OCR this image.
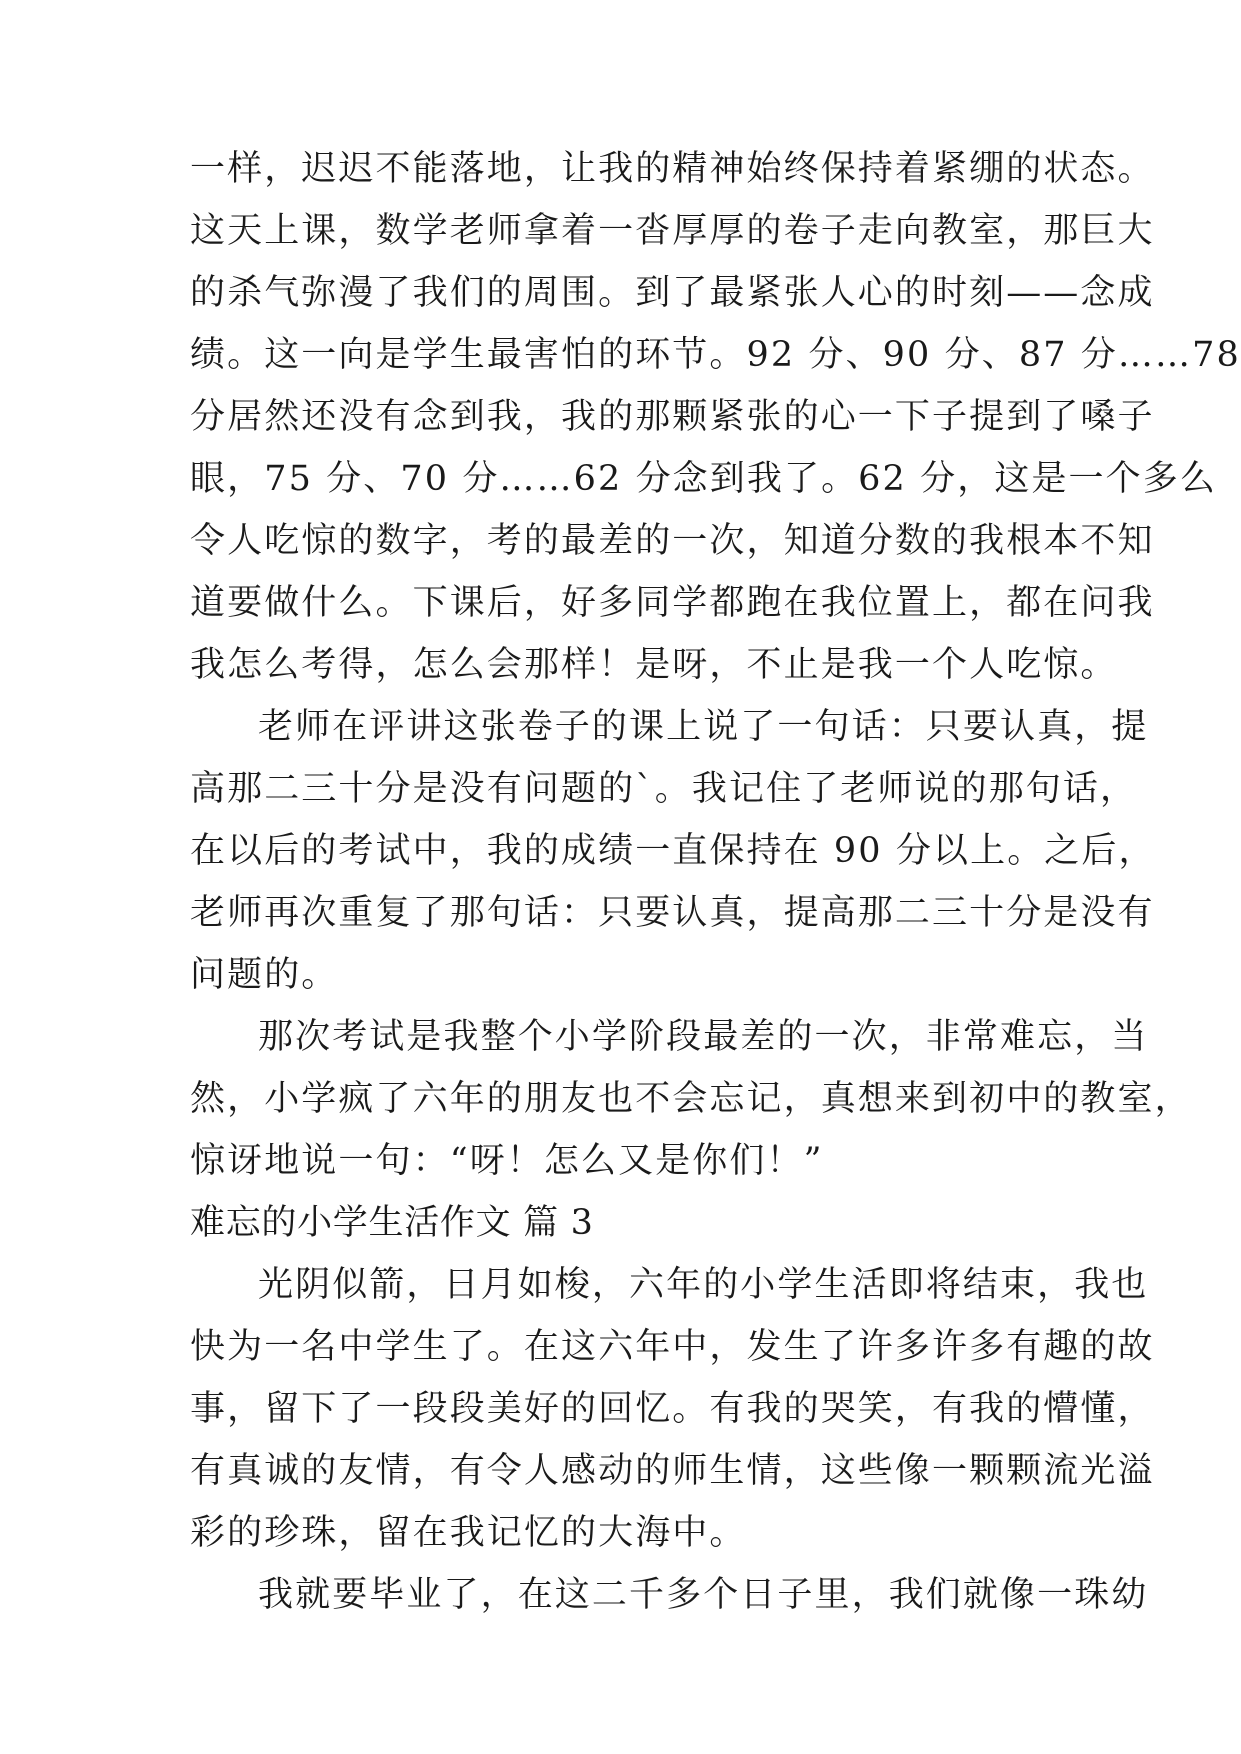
一样，迟迟不能落地，让我的精神始终保持着紧绷的状态。
这天上课，数学老师拿着一沓厚厚的卷子走向教室，那巨大
的杀气弥漫了我们的周围。到了最紧张人心的时刻——念成
绩。这一向是学生最害怕的环节。92 分、90 分、87 分……78
分居然还没有念到我，我的那颗紧张的心一下子提到了嗓子
眼，75 分、70 分……62 分念到我了。62 分，这是一个多么
令人吃惊的数字，考的最差的一次，知道分数的我根本不知
道要做什么。下课后，好多同学都跑在我位置上，都在问我
我怎么考得，怎么会那样！是呀，不止是我一个人吃惊。
老师在评讲这张卷子的课上说了一句话：只要认真，提
高那二三十分是没有问题的`。我记住了老师说的那句话，
在以后的考试中，我的成绩一直保持在 90 分以上。之后，
老师再次重复了那句话：只要认真，提高那二三十分是没有
问题的。
那次考试是我整个小学阶段最差的一次，非常难忘，当
然，小学疯了六年的朋友也不会忘记，真想来到初中的教室，
惊讶地说一句：“呀！怎么又是你们！”
难忘的小学生活作文 篇 3
光阴似箭，日月如梭，六年的小学生活即将结束，我也
快为一名中学生了。在这六年中，发生了许多许多有趣的故
事，留下了一段段美好的回忆。有我的哭笑，有我的懵懂，
有真诚的友情，有令人感动的师生情，这些像一颗颗流光溢
彩的珍珠，留在我记忆的大海中。
我就要毕业了，在这二千多个日子里，我们就像一珠幼
